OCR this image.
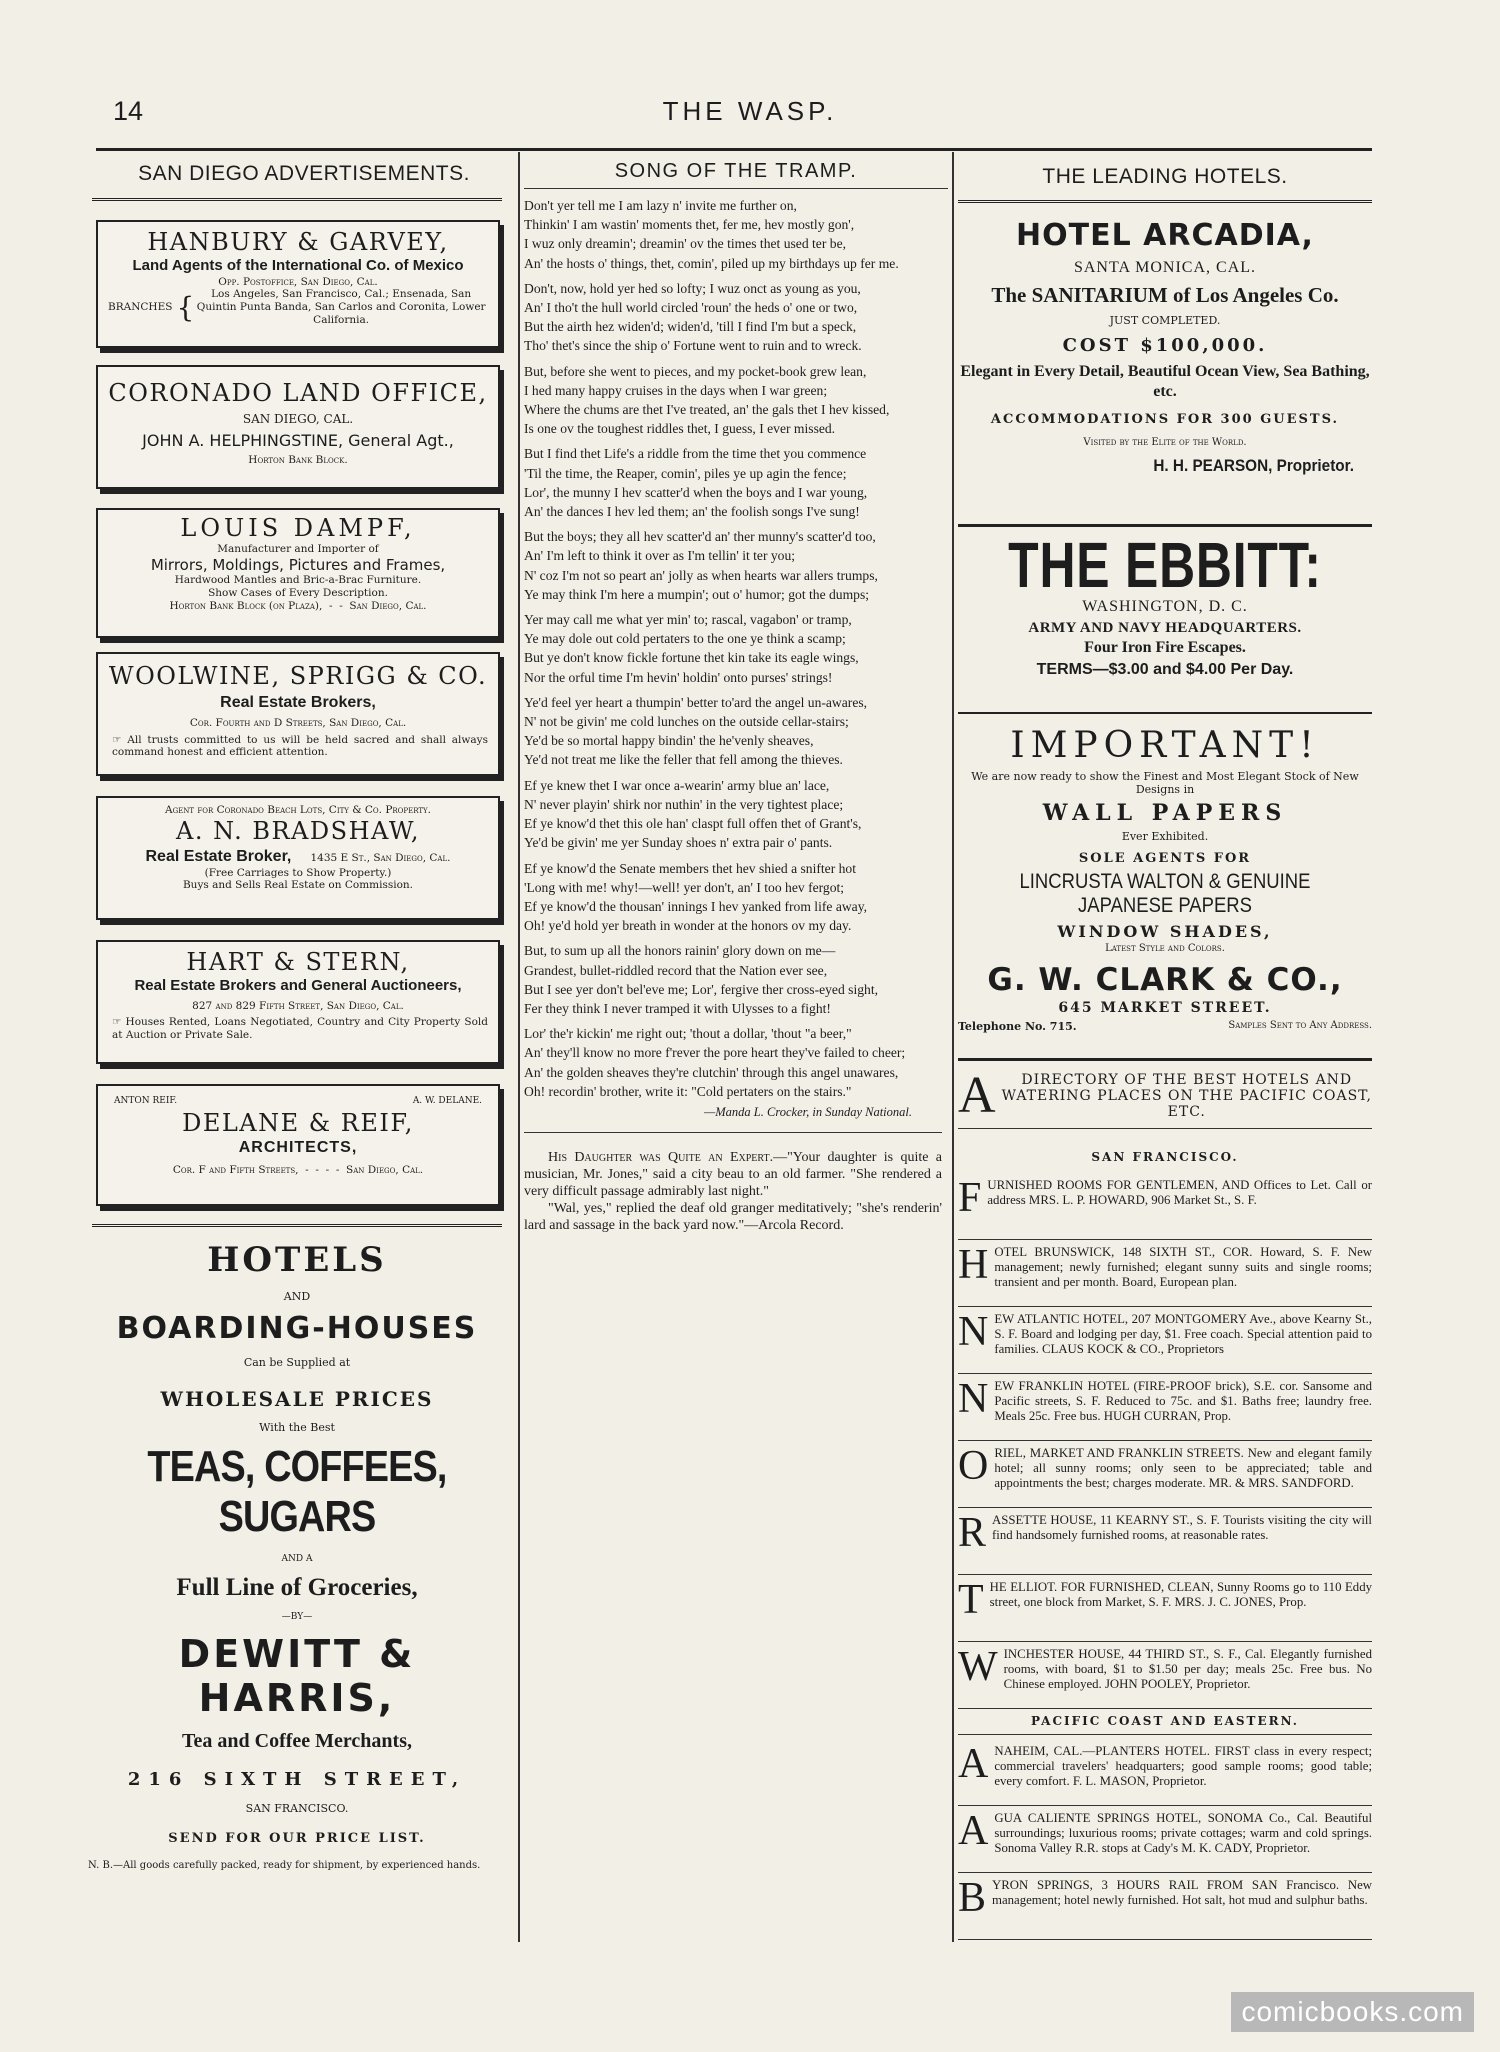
14	THE WASP.
SAN DIEGO ADVERTISEMENTS.
HANBURY & GARVEY,
Land Agents of the International Co. of Mexico
Opp. Postoffice, San Diego, Cal.
BRANCHES {	Los Angeles, San Francisco, Cal.; Ensenada, San Quintin Punta Banda, San Carlos and Coronita, Lower California.
CORONADO LAND OFFICE,
SAN DIEGO, CAL.
JOHN A. HELPHINGSTINE, General Agt.,
Horton Bank Block.
LOUIS DAMPF,
Manufacturer and Importer of
Mirrors, Moldings, Pictures and Frames,
Hardwood Mantles and Bric-a-Brac Furniture.
Show Cases of Every Description.
Horton Bank Block (on Plaza),  -  -  San Diego, Cal.
WOOLWINE, SPRIGG & CO.
Real Estate Brokers,
Cor. Fourth and D Streets, San Diego, Cal.
☞ All trusts committed to us will be held sacred and shall always command honest and efficient attention.
Agent for Coronado Beach Lots, City & Co. Property.
A. N. BRADSHAW,
Real Estate Broker, 1435 E St., San Diego, Cal.
(Free Carriages to Show Property.)
Buys and Sells Real Estate on Commission.
HART & STERN,
Real Estate Brokers and General Auctioneers,
827 and 829 Fifth Street, San Diego, Cal.
☞ Houses Rented, Loans Negotiated, Country and City Property Sold at Auction or Private Sale.
ANTON REIF.	A. W. DELANE.
DELANE & REIF,
ARCHITECTS,
Cor. F and Fifth Streets,  -  -  -  -  San Diego, Cal.
HOTELS
AND
BOARDING-HOUSES
Can be Supplied at
WHOLESALE PRICES
With the Best
TEAS, COFFEES, SUGARS
AND A
Full Line of Groceries,
—BY—
DEWITT & HARRIS,
Tea and Coffee Merchants,
216 SIXTH STREET,
SAN FRANCISCO.
SEND FOR OUR PRICE LIST.
N. B.—All goods carefully packed, ready for shipment, by experienced hands.
SONG OF THE TRAMP.

Don't yer tell me I am lazy n' invite me further on,
Thinkin' I am wastin' moments thet, fer me, hev mostly gon',
I wuz only dreamin'; dreamin' ov the times thet used ter be,
An' the hosts o' things, thet, comin', piled up my birthdays up fer me.

Don't, now, hold yer hed so lofty; I wuz onct as young as you,
An' I tho't the hull world circled 'roun' the heds o' one or two,
But the airth hez widen'd; widen'd, 'till I find I'm but a speck,
Tho' thet's since the ship o' Fortune went to ruin and to wreck.

But, before she went to pieces, and my pocket-book grew lean,
I hed many happy cruises in the days when I war green;
Where the chums are thet I've treated, an' the gals thet I hev kissed,
Is one ov the toughest riddles thet, I guess, I ever missed.

But I find thet Life's a riddle from the time thet you commence
'Til the time, the Reaper, comin', piles ye up agin the fence;
Lor', the munny I hev scatter'd when the boys and I war young,
An' the dances I hev led them; an' the foolish songs I've sung!

But the boys; they all hev scatter'd an' ther munny's scatter'd too,
An' I'm left to think it over as I'm tellin' it ter you;
N' coz I'm not so peart an' jolly as when hearts war allers trumps,
Ye may think I'm here a mumpin'; out o' humor; got the dumps;

Yer may call me what yer min' to; rascal, vagabon' or tramp,
Ye may dole out cold pertaters to the one ye think a scamp;
But ye don't know fickle fortune thet kin take its eagle wings,
Nor the orful time I'm hevin' holdin' onto purses' strings!

Ye'd feel yer heart a thumpin' better to'ard the angel un-awares,
N' not be givin' me cold lunches on the outside cellar-stairs;
Ye'd be so mortal happy bindin' the he'venly sheaves,
Ye'd not treat me like the feller that fell among the thieves.

Ef ye knew thet I war once a-wearin' army blue an' lace,
N' never playin' shirk nor nuthin' in the very tightest place;
Ef ye know'd thet this ole han' claspt full offen thet of Grant's,
Ye'd be givin' me yer Sunday shoes n' extra pair o' pants.

Ef ye know'd the Senate members thet hev shied a snifter hot
'Long with me! why!—well! yer don't, an' I too hev fergot;
Ef ye know'd the thousan' innings I hev yanked from life away,
Oh! ye'd hold yer breath in wonder at the honors ov my day.

But, to sum up all the honors rainin' glory down on me—
Grandest, bullet-riddled record that the Nation ever see,
But I see yer don't bel'eve me; Lor', fergive ther cross-eyed sight,
Fer they think I never tramped it with Ulysses to a fight!

Lor' the'r kickin' me right out; 'thout a dollar, 'thout "a beer,"
An' they'll know no more f'rever the pore heart they've failed to cheer;
An' the golden sheaves they're clutchin' through this angel unawares,
Oh! recordin' brother, write it: "Cold pertaters on the stairs."

—Manda L. Crocker, in Sunday National.
His Daughter was Quite an Expert.—"Your daughter is quite a musician, Mr. Jones," said a city beau to an old farmer. "She rendered a very difficult passage admirably last night."
"Wal, yes," replied the deaf old granger meditatively; "she's renderin' lard and sassage in the back yard now."—Arcola Record.
THE LEADING HOTELS.
HOTEL ARCADIA,
SANTA MONICA, CAL.
The SANITARIUM of Los Angeles Co.
JUST COMPLETED.
COST $100,000.
Elegant in Every Detail, Beautiful Ocean View, Sea Bathing, etc.
ACCOMMODATIONS FOR 300 GUESTS.
Visited by the Elite of the World.
H. H. PEARSON, Proprietor.
THE EBBITT:
WASHINGTON, D. C.
ARMY AND NAVY HEADQUARTERS.
Four Iron Fire Escapes.
TERMS—$3.00 and $4.00 Per Day.
IMPORTANT!
We are now ready to show the Finest and Most Elegant Stock of New Designs in
WALL PAPERS
Ever Exhibited.
SOLE AGENTS FOR
LINCRUSTA WALTON & GENUINE JAPANESE PAPERS
WINDOW SHADES,
Latest Style and Colors.
G. W. CLARK & CO.,
645 MARKET STREET.
Telephone No. 715.	Samples Sent to Any Address.
A	DIRECTORY OF THE BEST HOTELS AND WATERING PLACES ON THE PACIFIC COAST, ETC.
SAN FRANCISCO.
F URNISHED ROOMS FOR GENTLEMEN, AND Offices to Let. Call or address MRS. L. P. HOWARD, 906 Market St., S. F.
H OTEL BRUNSWICK, 148 SIXTH ST., COR. Howard, S. F. New management; newly furnished; elegant sunny suits and single rooms; transient and per month. Board, European plan.
N EW ATLANTIC HOTEL, 207 MONTGOMERY Ave., above Kearny St., S. F. Board and lodging per day, $1. Free coach. Special attention paid to families. CLAUS KOCK & CO., Proprietors
N EW FRANKLIN HOTEL (FIRE-PROOF brick), S.E. cor. Sansome and Pacific streets, S. F. Reduced to 75c. and $1. Baths free; laundry free. Meals 25c. Free bus. HUGH CURRAN, Prop.
O RIEL, MARKET AND FRANKLIN STREETS. New and elegant family hotel; all sunny rooms; only seen to be appreciated; table and appointments the best; charges moderate. MR. & MRS. SANDFORD.
R ASSETTE HOUSE, 11 KEARNY ST., S. F. Tourists visiting the city will find handsomely furnished rooms, at reasonable rates.
T HE ELLIOT. FOR FURNISHED, CLEAN, Sunny Rooms go to 110 Eddy street, one block from Market, S. F. MRS. J. C. JONES, Prop.
W INCHESTER HOUSE, 44 THIRD ST., S. F., Cal. Elegantly furnished rooms, with board, $1 to $1.50 per day; meals 25c. Free bus. No Chinese employed. JOHN POOLEY, Proprietor.
PACIFIC COAST AND EASTERN.
A NAHEIM, CAL.—PLANTERS HOTEL. FIRST class in every respect; commercial travelers' headquarters; good sample rooms; good table; every comfort. F. L. MASON, Proprietor.
A GUA CALIENTE SPRINGS HOTEL, SONOMA Co., Cal. Beautiful surroundings; luxurious rooms; private cottages; warm and cold springs. Sonoma Valley R.R. stops at Cady's M. K. CADY, Proprietor.
B YRON SPRINGS, 3 HOURS RAIL FROM SAN Francisco. New management; hotel newly furnished. Hot salt, hot mud and sulphur baths.
comicbooks.com
